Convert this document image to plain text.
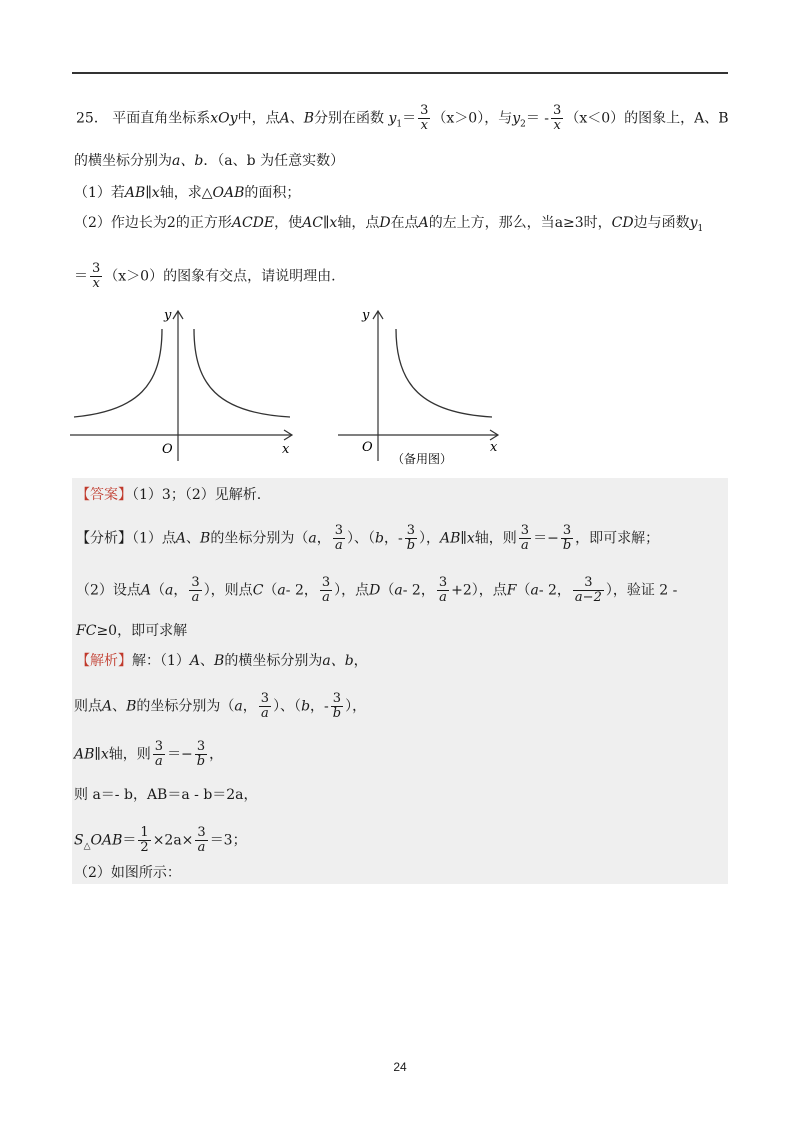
25． 平面直角坐标系xOy中，点A、B分别在函数 $y_1= \frac{3}{x} (x>0)$，与$y_2= - \frac{3}{x} (x<0)$的图象上，A、B
的横坐标分别为a、b．（a、b 为任意实数）
（1）若AB∥x轴，求△OAB的面积；
（2）作边长为2的正方形ACDE，使AC∥x轴，点D在点A的左上方，那么，当a≥3时，CD边与函数$y_1$
＝ $\frac{3}{x} (x>0)$的图象有交点，请说明理由.
y
O	x
y
O	x
（备用图）
【答案】（1）3；（2）见解析.
【分析】（1）点A、B的坐标分别为（a， $\frac{3}{a}$ ）、（b，- $\frac{3}{b}$ ），AB∥x轴，则 $\frac{3}{a} =- \frac{3}{b}$ ，即可求解；
（2）设点A（a， $\frac{3}{a}$ ），则点C（a- 2， $\frac{3}{a}$ ），点D（a- 2， $\frac{3}{a} +2$），点F（a- 2， $\frac{3}{a-2}$ ），验证 2 -
FC≥0，即可求解
【解析】解：（1）A、B的横坐标分别为a、b，
则点A、B的坐标分别为（a， $\frac{3}{a}$ ）、（b，- $\frac{3}{b}$ ），
AB∥x轴，则 $\frac{3}{a} =- \frac{3}{b}$ ，
则 a＝- b，AB＝a - b＝2a，
$S_\triangle OAB= \frac{1}{2} \times 2a\times \frac{3}{a} =3$；
（2）如图所示：
24
